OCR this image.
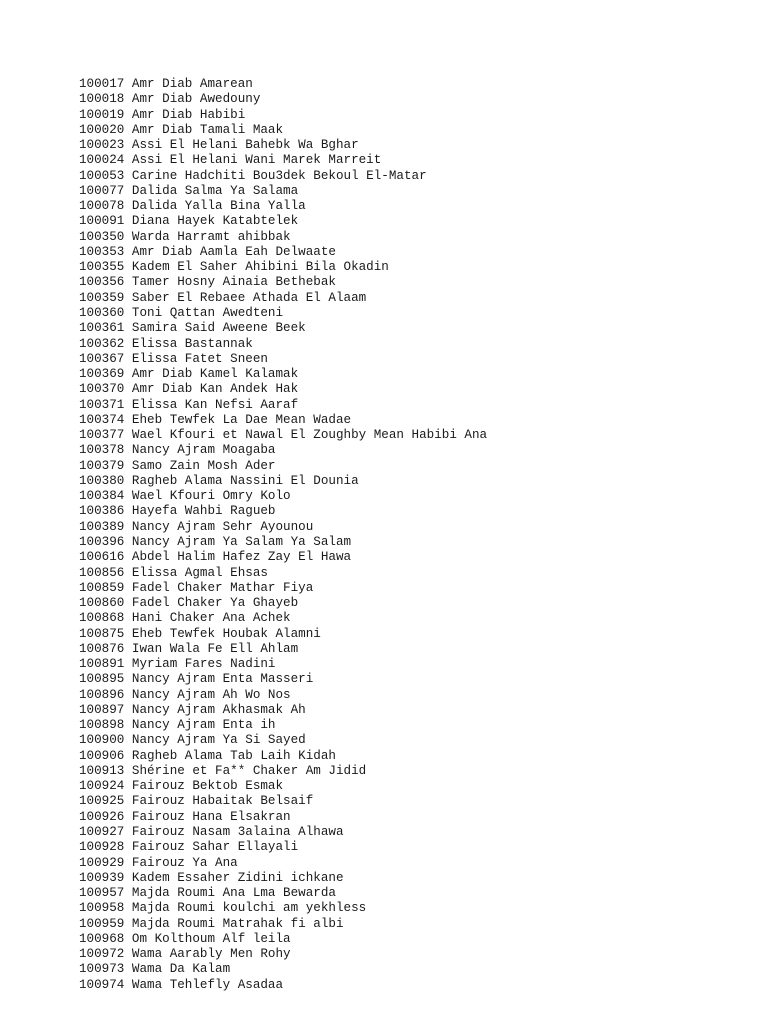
100017 Amr Diab Amarean
100018 Amr Diab Awedouny
100019 Amr Diab Habibi
100020 Amr Diab Tamali Maak
100023 Assi El Helani Bahebk Wa Bghar
100024 Assi El Helani Wani Marek Marreit
100053 Carine Hadchiti Bou3dek Bekoul El-Matar
100077 Dalida Salma Ya Salama
100078 Dalida Yalla Bina Yalla
100091 Diana Hayek Katabtelek
100350 Warda Harramt ahibbak
100353 Amr Diab Aamla Eah Delwaate
100355 Kadem El Saher Ahibini Bila Okadin
100356 Tamer Hosny Ainaia Bethebak
100359 Saber El Rebaee Athada El Alaam
100360 Toni Qattan Awedteni
100361 Samira Said Aweene Beek
100362 Elissa Bastannak
100367 Elissa Fatet Sneen
100369 Amr Diab Kamel Kalamak
100370 Amr Diab Kan Andek Hak
100371 Elissa Kan Nefsi Aaraf
100374 Eheb Tewfek La Dae Mean Wadae
100377 Wael Kfouri et Nawal El Zoughby Mean Habibi Ana
100378 Nancy Ajram Moagaba
100379 Samo Zain Mosh Ader
100380 Ragheb Alama Nassini El Dounia
100384 Wael Kfouri Omry Kolo
100386 Hayefa Wahbi Ragueb
100389 Nancy Ajram Sehr Ayounou
100396 Nancy Ajram Ya Salam Ya Salam
100616 Abdel Halim Hafez Zay El Hawa
100856 Elissa Agmal Ehsas
100859 Fadel Chaker Mathar Fiya
100860 Fadel Chaker Ya Ghayeb
100868 Hani Chaker Ana Achek
100875 Eheb Tewfek Houbak Alamni
100876 Iwan Wala Fe Ell Ahlam
100891 Myriam Fares Nadini
100895 Nancy Ajram Enta Masseri
100896 Nancy Ajram Ah Wo Nos
100897 Nancy Ajram Akhasmak Ah
100898 Nancy Ajram Enta ih
100900 Nancy Ajram Ya Si Sayed
100906 Ragheb Alama Tab Laih Kidah
100913 Shérine et Fa** Chaker Am Jidid
100924 Fairouz Bektob Esmak
100925 Fairouz Habaitak Belsaif
100926 Fairouz Hana Elsakran
100927 Fairouz Nasam 3alaina Alhawa
100928 Fairouz Sahar Ellayali
100929 Fairouz Ya Ana
100939 Kadem Essaher Zidini ichkane
100957 Majda Roumi Ana Lma Bewarda
100958 Majda Roumi koulchi am yekhless
100959 Majda Roumi Matrahak fi albi
100968 Om Kolthoum Alf leila
100972 Wama Aarably Men Rohy
100973 Wama Da Kalam
100974 Wama Tehlefly Asadaa
